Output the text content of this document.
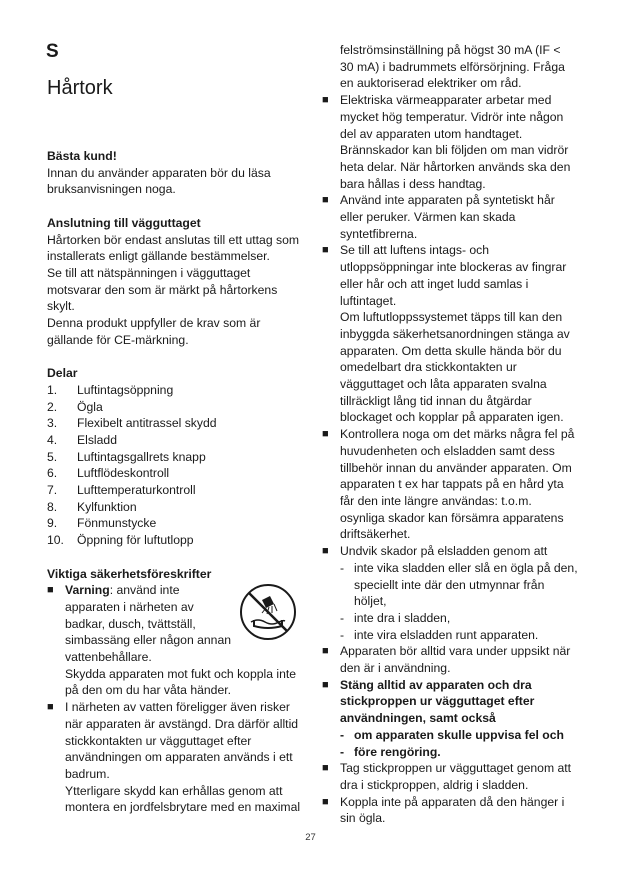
S
Hårtork
Bästa kund!
Innan du använder apparaten bör du läsa
bruksanvisningen noga.
Anslutning till vägguttaget
Hårtorken bör endast anslutas till ett uttag som
installerats enligt gällande bestämmelser.
Se till att nätspänningen i vägguttaget
motsvarar den som är märkt på hårtorkens
skylt.
Denna produkt uppfyller de krav som är
gällande för CE-märkning.
Delar
1.	Luftintagsöppning
2.	Ögla
3.	Flexibelt antitrassel skydd
4.	Elsladd
5.	Luftintagsgallrets knapp
6.	Luftflödeskontroll
7.	Lufttemperaturkontroll
8.	Kylfunktion
9.	Fönmunstycke
10.	Öppning för luftutlopp
Viktiga säkerhetsföreskrifter
■ Varning: använd inte
apparaten i närheten av
badkar, dusch, tvättställ,
simbassäng eller någon annan
vattenbehållare.
Skydda apparaten mot fukt och koppla inte
på den om du har våta händer.
■ I närheten av vatten föreligger även risker
när apparaten är avstängd. Dra därför alltid
stickkontakten ur vägguttaget efter
användningen om apparaten används i ett
badrum.
Ytterligare skydd kan erhållas genom att
montera en jordfelsbrytare med en maximal
felströmsinställning på högst 30 mA (IF <
30 mA) i badrummets elförsörjning. Fråga
en auktoriserad elektriker om råd.
■ Elektriska värmeapparater arbetar med
mycket hög temperatur. Vidrör inte någon
del av apparaten utom handtaget.
Brännskador kan bli följden om man vidrör
heta delar. När hårtorken används ska den
bara hållas i dess handtag.
■ Använd inte apparaten på syntetiskt hår
eller peruker. Värmen kan skada
syntetfibrerna.
■ Se till att luftens intags- och
utloppsöppningar inte blockeras av fingrar
eller hår och att inget ludd samlas i
luftintaget.
Om luftutloppssystemet täpps till kan den
inbyggda säkerhetsanordningen stänga av
apparaten. Om detta skulle hända bör du
omedelbart dra stickkontakten ur
vägguttaget och låta apparaten svalna
tillräckligt lång tid innan du åtgärdar
blockaget och kopplar på apparaten igen.
■ Kontrollera noga om det märks några fel på
huvudenheten och elsladden samt dess
tillbehör innan du använder apparaten. Om
apparaten t ex har tappats på en hård yta
får den inte längre användas: t.o.m.
osynliga skador kan försämra apparatens
driftsäkerhet.
■ Undvik skador på elsladden genom att
- inte vika sladden eller slå en ögla på den,
speciellt inte där den utmynnar från
höljet,
- inte dra i sladden,
- inte vira elsladden runt apparaten.
■ Apparaten bör alltid vara under uppsikt när
den är i användning.
■ Stäng alltid av apparaten och dra
stickproppen ur vägguttaget efter
användningen, samt också
- om apparaten skulle uppvisa fel och
- före rengöring.
■ Tag stickproppen ur vägguttaget genom att
dra i stickproppen, aldrig i sladden.
■ Koppla inte på apparaten då den hänger i
sin ögla.
27
